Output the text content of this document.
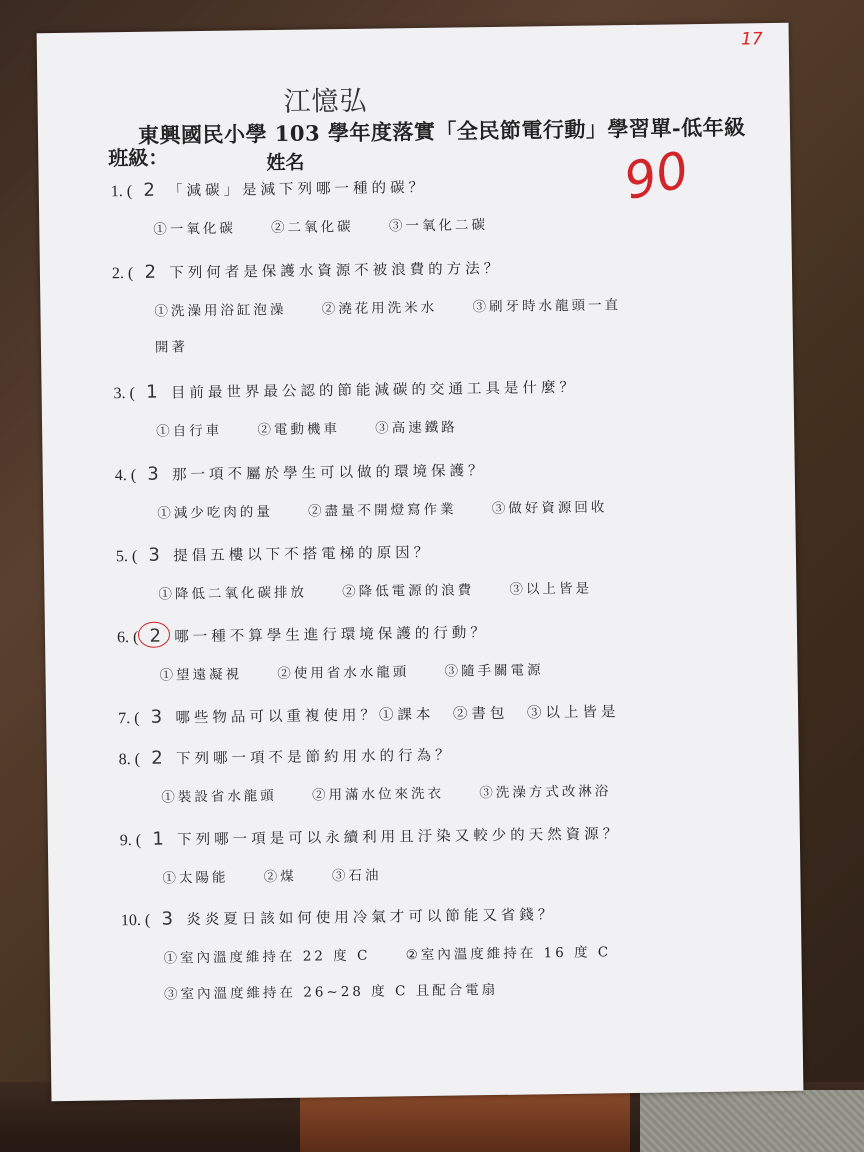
17
江憶弘
東興國民小學 103 學年度落實「全民節電行動」學習單-低年級
班級：	姓名	90
1. ( 2 「減碳」是減下列哪一種的碳？
①一氧化碳	②二氧化碳	③一氧化二碳
2. ( 2 下列何者是保護水資源不被浪費的方法？
①洗澡用浴缸泡澡	②澆花用洗米水	③刷牙時水龍頭一直
開著
3. ( 1 目前最世界最公認的節能減碳的交通工具是什麼？
①自行車	②電動機車	③高速鐵路
4. ( 3 那一項不屬於學生可以做的環境保護？
①減少吃肉的量	②盡量不開燈寫作業	③做好資源回收
5. ( 3 提倡五樓以下不搭電梯的原因？
①降低二氧化碳排放	②降低電源的浪費	③以上皆是
6. ( 2 哪一種不算學生進行環境保護的行動？
①望遠凝視	②使用省水水龍頭	③隨手關電源
7. ( 3 哪些物品可以重複使用？①課本　②書包　③以上皆是
8. ( 2 下列哪一項不是節約用水的行為？
①裝設省水龍頭	②用滿水位來洗衣	③洗澡方式改淋浴
9. ( 1 下列哪一項是可以永續利用且汙染又較少的天然資源？
①太陽能	②煤	③石油
10. ( 3 炎炎夏日該如何使用冷氣才可以節能又省錢？
①室內溫度維持在 22 度 C	②室內溫度維持在 16 度 C
③室內溫度維持在 26~28 度 C 且配合電扇
